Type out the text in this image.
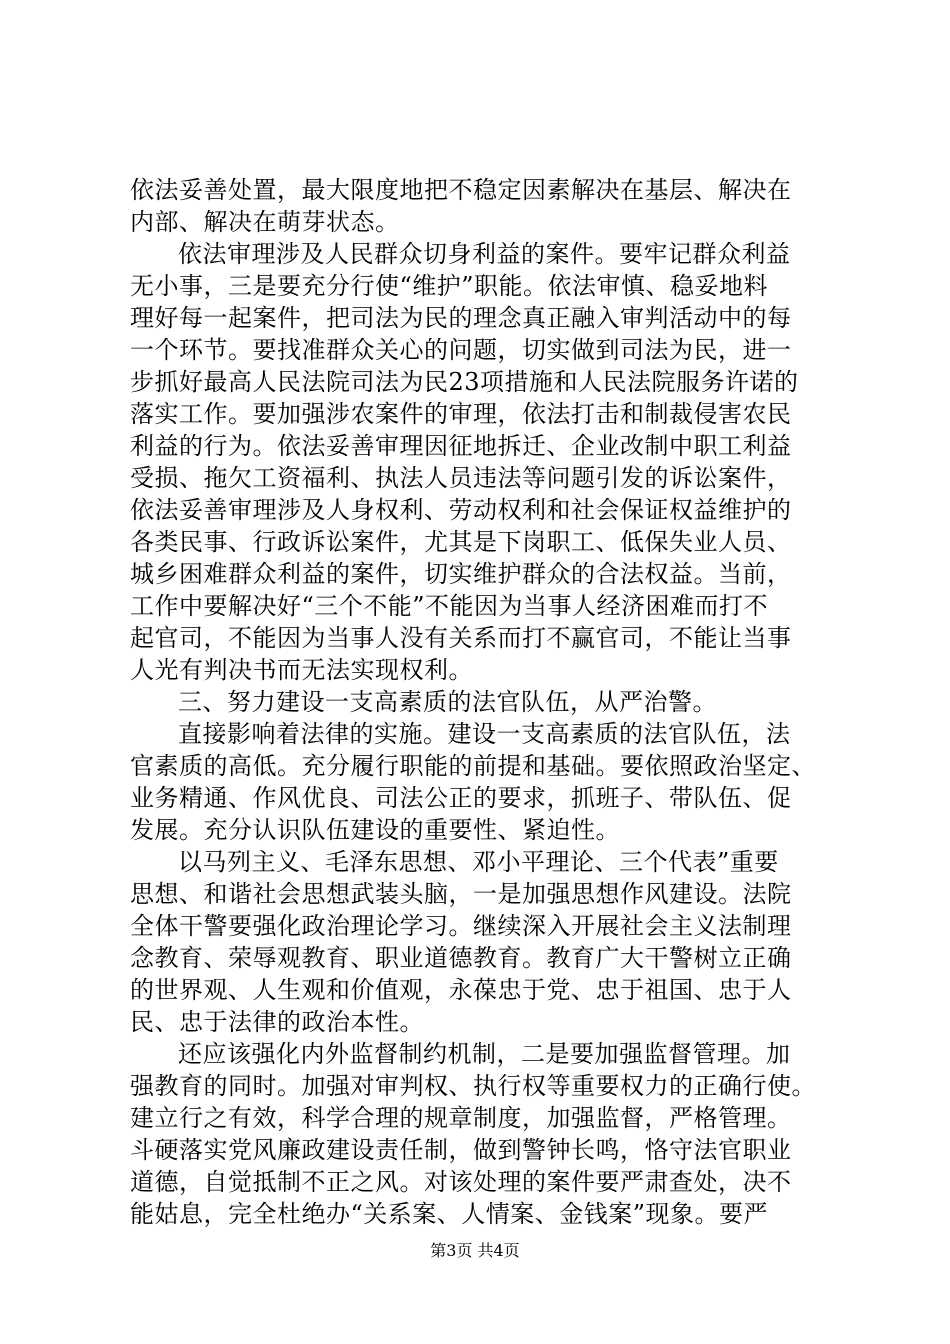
依法妥善处置，最大限度地把不稳定因素解决在基层、解决在
内部、解决在萌芽状态。
依法审理涉及人民群众切身利益的案件。要牢记群众利益
无小事，三是要充分行使“维护”职能。依法审慎、稳妥地料
理好每一起案件，把司法为民的理念真正融入审判活动中的每
一个环节。要找准群众关心的问题，切实做到司法为民，进一
步抓好最高人民法院司法为民23项措施和人民法院服务许诺的
落实工作。要加强涉农案件的审理，依法打击和制裁侵害农民
利益的行为。依法妥善审理因征地拆迁、企业改制中职工利益
受损、拖欠工资福利、执法人员违法等问题引发的诉讼案件，
依法妥善审理涉及人身权利、劳动权利和社会保证权益维护的
各类民事、行政诉讼案件，尤其是下岗职工、低保失业人员、
城乡困难群众利益的案件，切实维护群众的合法权益。当前，
工作中要解决好“三个不能”不能因为当事人经济困难而打不
起官司，不能因为当事人没有关系而打不赢官司，不能让当事
人光有判决书而无法实现权利。
三、努力建设一支高素质的法官队伍，从严治警。
直接影响着法律的实施。建设一支高素质的法官队伍，法
官素质的高低。充分履行职能的前提和基础。要依照政治坚定、
业务精通、作风优良、司法公正的要求，抓班子、带队伍、促
发展。充分认识队伍建设的重要性、紧迫性。
以马列主义、毛泽东思想、邓小平理论、三个代表”重要
思想、和谐社会思想武装头脑，一是加强思想作风建设。法院
全体干警要强化政治理论学习。继续深入开展社会主义法制理
念教育、荣辱观教育、职业道德教育。教育广大干警树立正确
的世界观、人生观和价值观，永葆忠于党、忠于祖国、忠于人
民、忠于法律的政治本性。
还应该强化内外监督制约机制，二是要加强监督管理。加
强教育的同时。加强对审判权、执行权等重要权力的正确行使。
建立行之有效，科学合理的规章制度，加强监督，严格管理。
斗硬落实党风廉政建设责任制，做到警钟长鸣，恪守法官职业
道德，自觉抵制不正之风。对该处理的案件要严肃查处，决不
能姑息，完全杜绝办“关系案、人情案、金钱案”现象。要严
第3页 共4页
